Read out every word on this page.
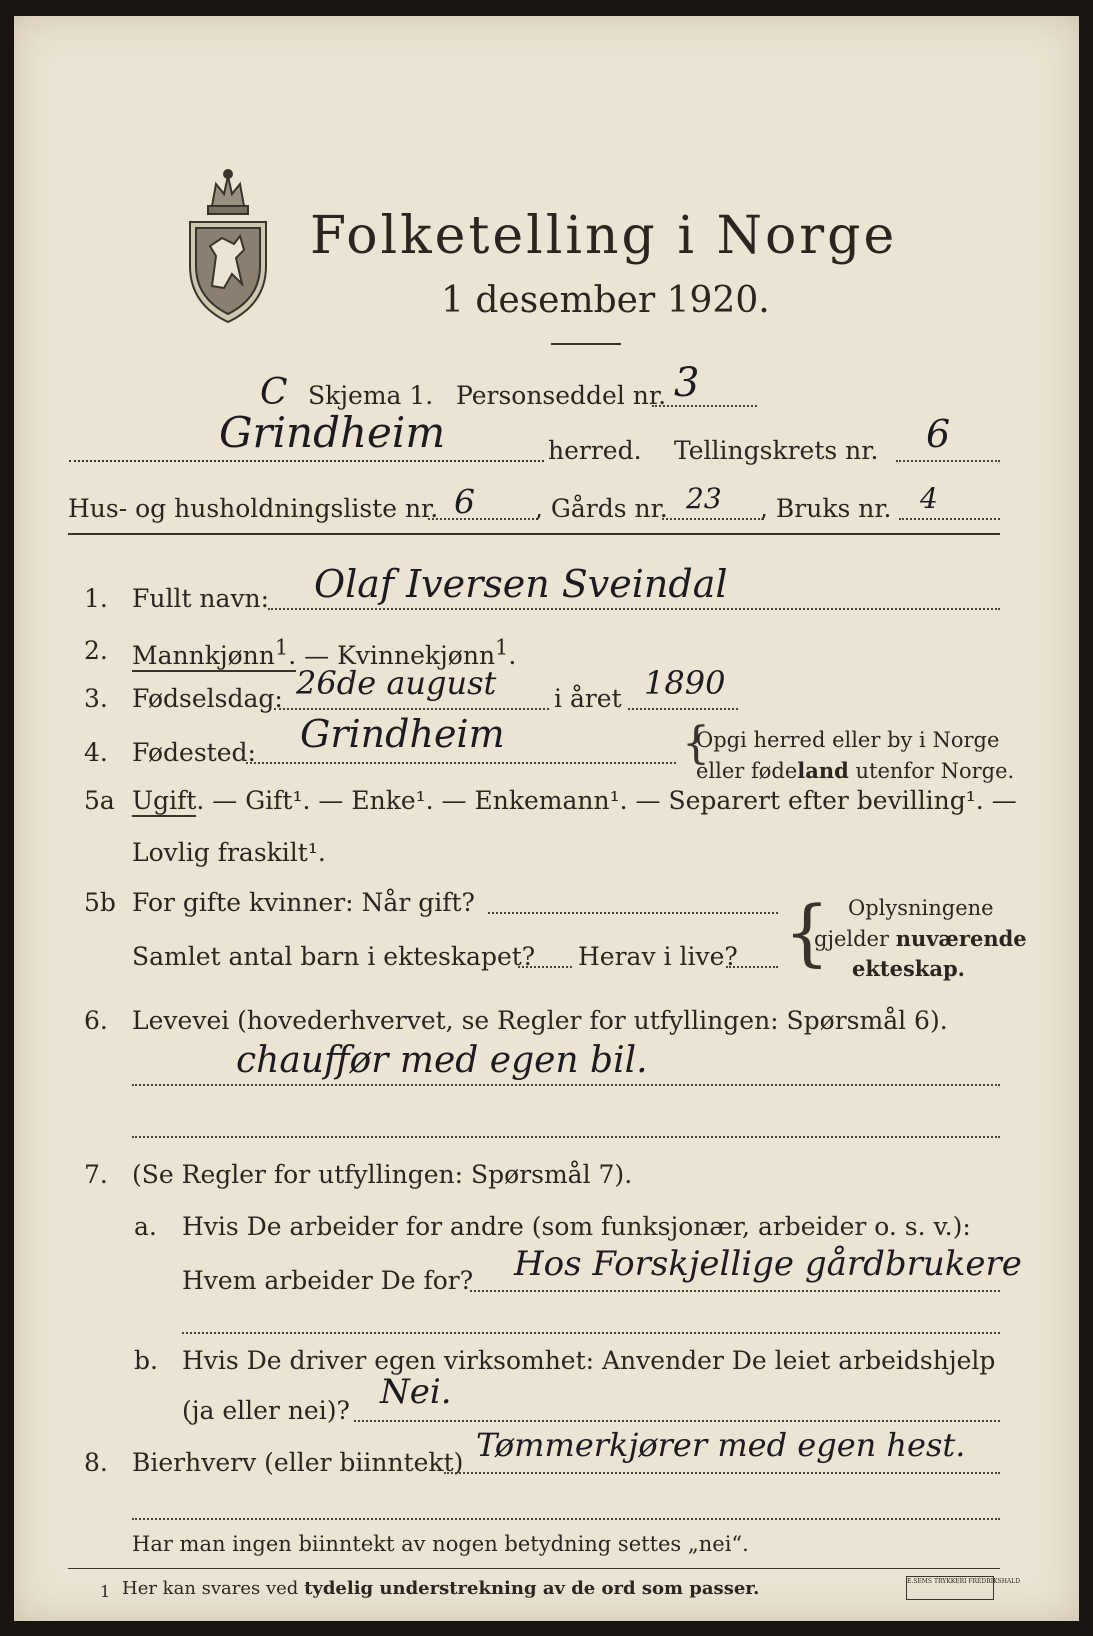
Folketelling i Norge
1 desember 1920.
C Skjema 1. Personseddel nr. 3
Grindheim	herred. Tellingskrets nr. 6
Hus- og husholdningsliste nr. 6 , Gårds nr. 23 , Bruks nr. 4
1. Fullt navn: Olaf Iversen Sveindal
2. Mannkjønn$^1$. — Kvinnekjønn$^1$.
3. Fødselsdag: 26de august i året 1890
4. Fødested: Grindheim	{
Opgi herred eller by i Norge
eller fødeland utenfor Norge.
5a Ugift. — Gift¹. — Enke¹. — Enkemann¹. — Separert efter bevilling¹. —
Lovlig fraskilt¹.
5b For gifte kvinner: Når gift?
Samlet antal barn i ekteskapet? Herav i live? { Oplysningene
gjelder nuværende
ekteskap.
6. Levevei (hovederhvervet, se Regler for utfyllingen: Spørsmål 6).
chauffør med egen bil.
7. (Se Regler for utfyllingen: Spørsmål 7).
a. Hvis De arbeider for andre (som funksjonær, arbeider o. s. v.):
Hvem arbeider De for? Hos Forskjellige gårdbrukere
b. Hvis De driver egen virksomhet: Anvender De leiet arbeidshjelp
(ja eller nei)? Nei.
8. Bierhverv (eller biinntekt) Tømmerkjører med egen hest.
Har man ingen biinntekt av nogen betydning settes „nei“.
1 Her kan svares ved tydelig understrekning av de ord som passer.	E.SEMS TRYKKERI FREDRIKSHALD
